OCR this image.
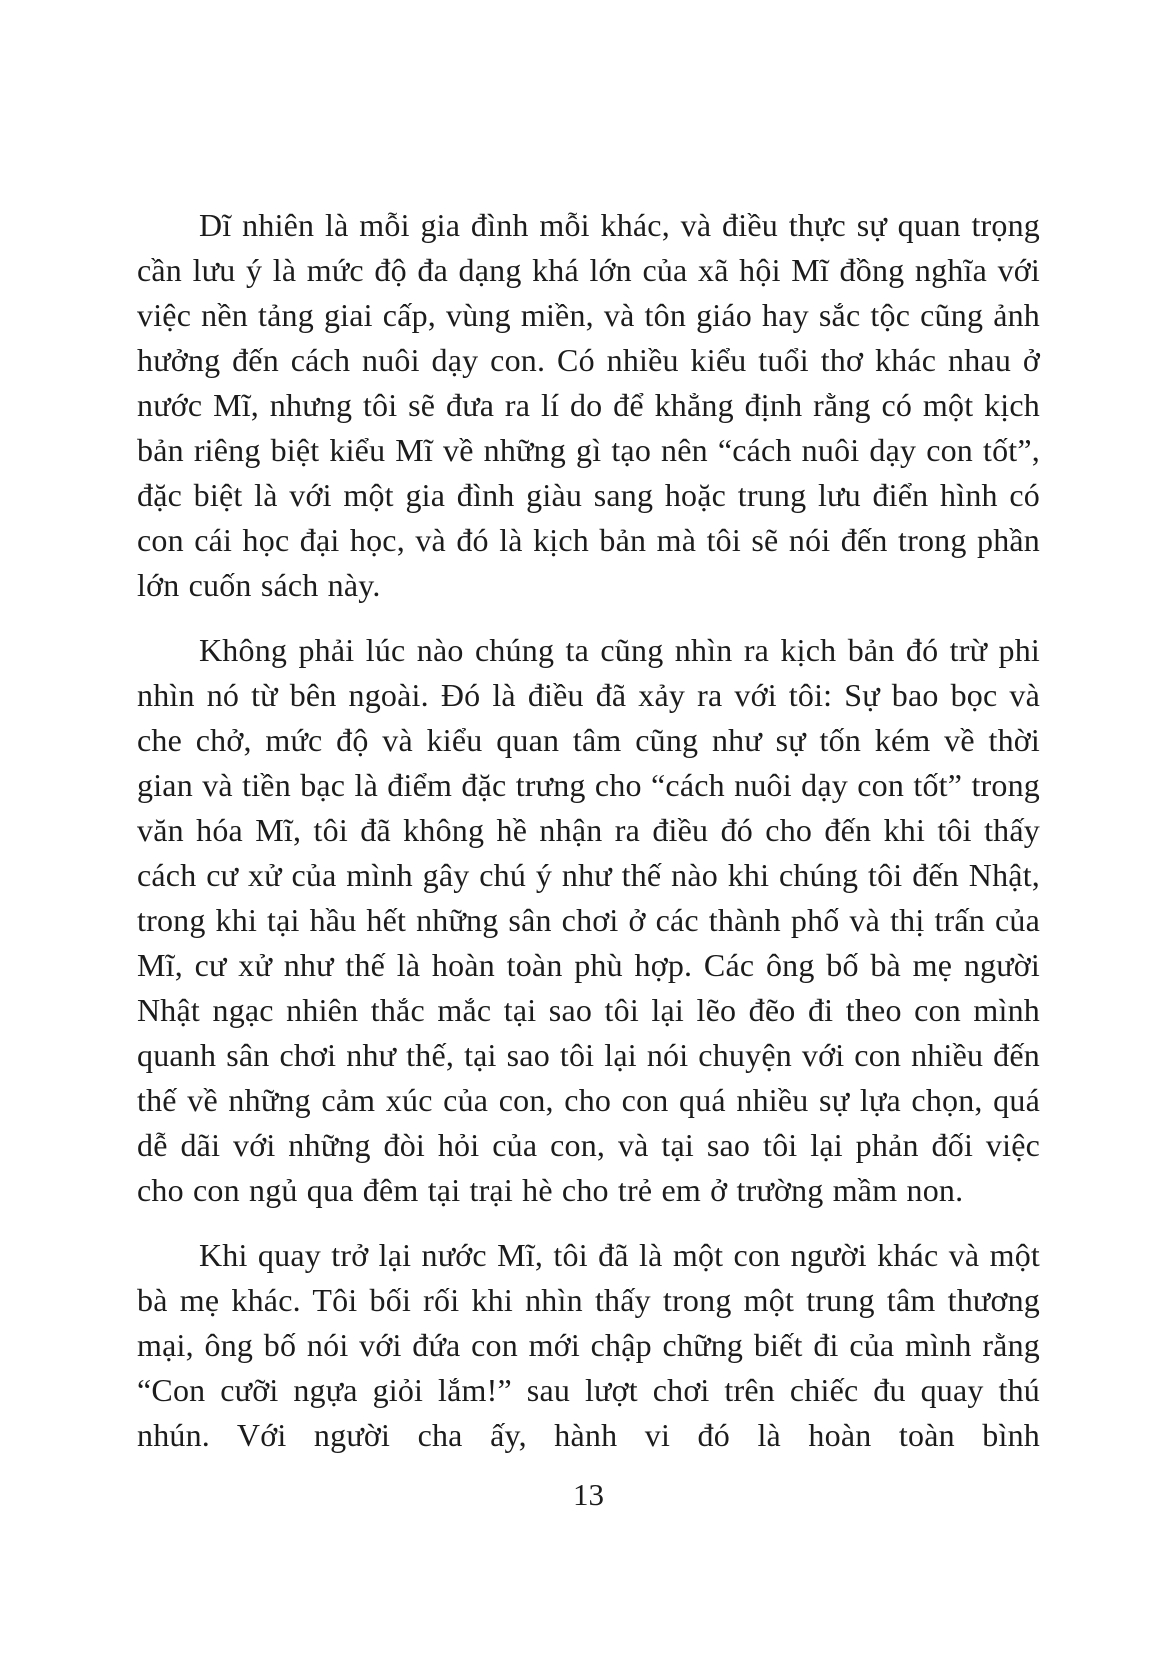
Dĩ nhiên là mỗi gia đình mỗi khác, và điều thực sự quan trọng cần lưu ý là mức độ đa dạng khá lớn của xã hội Mĩ đồng nghĩa với việc nền tảng giai cấp, vùng miền, và tôn giáo hay sắc tộc cũng ảnh hưởng đến cách nuôi dạy con. Có nhiều kiểu tuổi thơ khác nhau ở nước Mĩ, nhưng tôi sẽ đưa ra lí do để khẳng định rằng có một kịch bản riêng biệt kiểu Mĩ về những gì tạo nên “cách nuôi dạy con tốt”, đặc biệt là với một gia đình giàu sang hoặc trung lưu điển hình có con cái học đại học, và đó là kịch bản mà tôi sẽ nói đến trong phần lớn cuốn sách này.

Không phải lúc nào chúng ta cũng nhìn ra kịch bản đó trừ phi nhìn nó từ bên ngoài. Đó là điều đã xảy ra với tôi: Sự bao bọc và che chở, mức độ và kiểu quan tâm cũng như sự tốn kém về thời gian và tiền bạc là điểm đặc trưng cho “cách nuôi dạy con tốt” trong văn hóa Mĩ, tôi đã không hề nhận ra điều đó cho đến khi tôi thấy cách cư xử của mình gây chú ý như thế nào khi chúng tôi đến Nhật, trong khi tại hầu hết những sân chơi ở các thành phố và thị trấn của Mĩ, cư xử như thế là hoàn toàn phù hợp. Các ông bố bà mẹ người Nhật ngạc nhiên thắc mắc tại sao tôi lại lẽo đẽo đi theo con mình quanh sân chơi như thế, tại sao tôi lại nói chuyện với con nhiều đến thế về những cảm xúc của con, cho con quá nhiều sự lựa chọn, quá dễ dãi với những đòi hỏi của con, và tại sao tôi lại phản đối việc cho con ngủ qua đêm tại trại hè cho trẻ em ở trường mầm non.

Khi quay trở lại nước Mĩ, tôi đã là một con người khác và một bà mẹ khác. Tôi bối rối khi nhìn thấy trong một trung tâm thương mại, ông bố nói với đứa con mới chập chững biết đi của mình rằng “Con cưỡi ngựa giỏi lắm!” sau lượt chơi trên chiếc đu quay thú nhún. Với người cha ấy, hành vi đó là hoàn toàn bình

13
